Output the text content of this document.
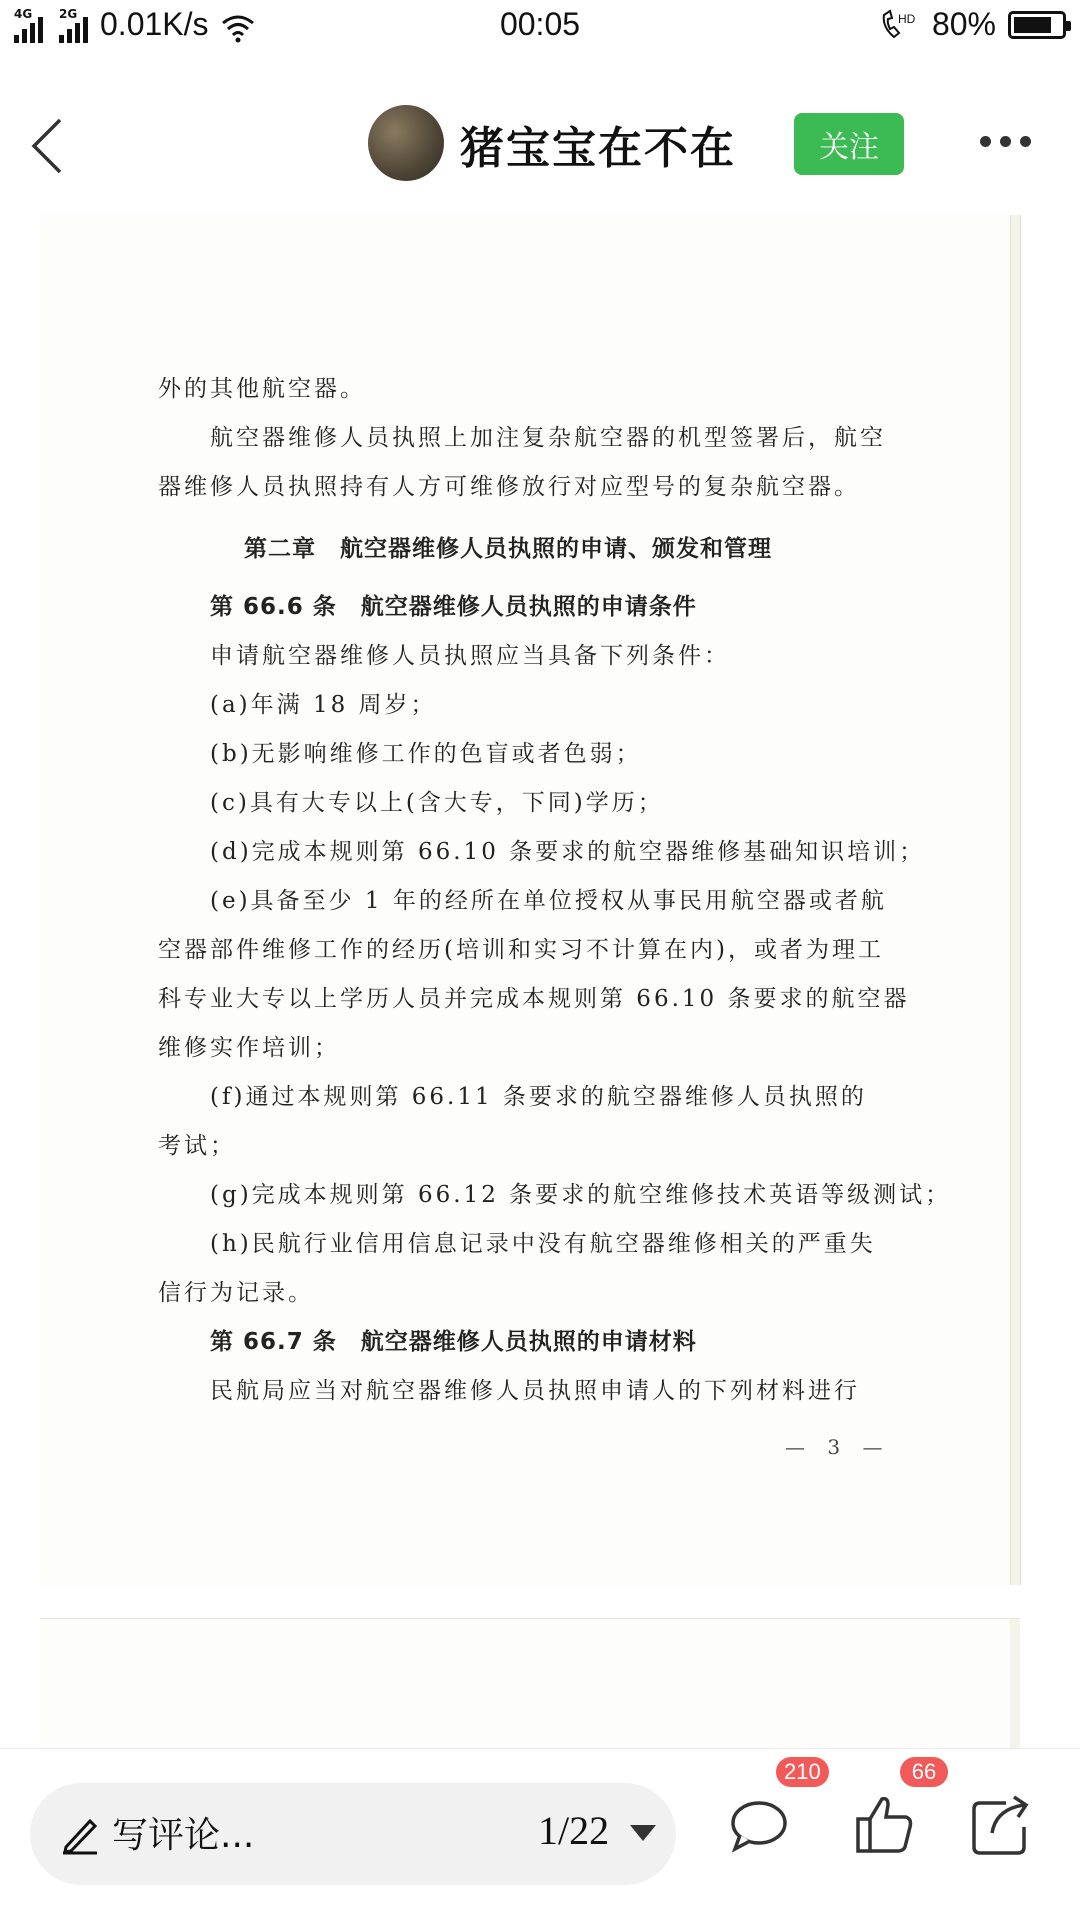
4G 2G 0.01K/s	00:05	HD 80%
猪宝宝在不在	关注
外的其他航空器。
航空器维修人员执照上加注复杂航空器的机型签署后，航空
器维修人员执照持有人方可维修放行对应型号的复杂航空器。
第二章　航空器维修人员执照的申请、颁发和管理
第 66.6 条　航空器维修人员执照的申请条件
申请航空器维修人员执照应当具备下列条件：
(a)年满 18 周岁；
(b)无影响维修工作的色盲或者色弱；
(c)具有大专以上(含大专，下同)学历；
(d)完成本规则第 66.10 条要求的航空器维修基础知识培训；
(e)具备至少 1 年的经所在单位授权从事民用航空器或者航
空器部件维修工作的经历(培训和实习不计算在内)，或者为理工
科专业大专以上学历人员并完成本规则第 66.10 条要求的航空器
维修实作培训；
(f)通过本规则第 66.11 条要求的航空器维修人员执照的
考试；
(g)完成本规则第 66.12 条要求的航空维修技术英语等级测试；
(h)民航行业信用信息记录中没有航空器维修相关的严重失
信行为记录。
第 66.7 条　航空器维修人员执照的申请材料
民航局应当对航空器维修人员执照申请人的下列材料进行
— 3 —
写评论...	1/22
210	66
